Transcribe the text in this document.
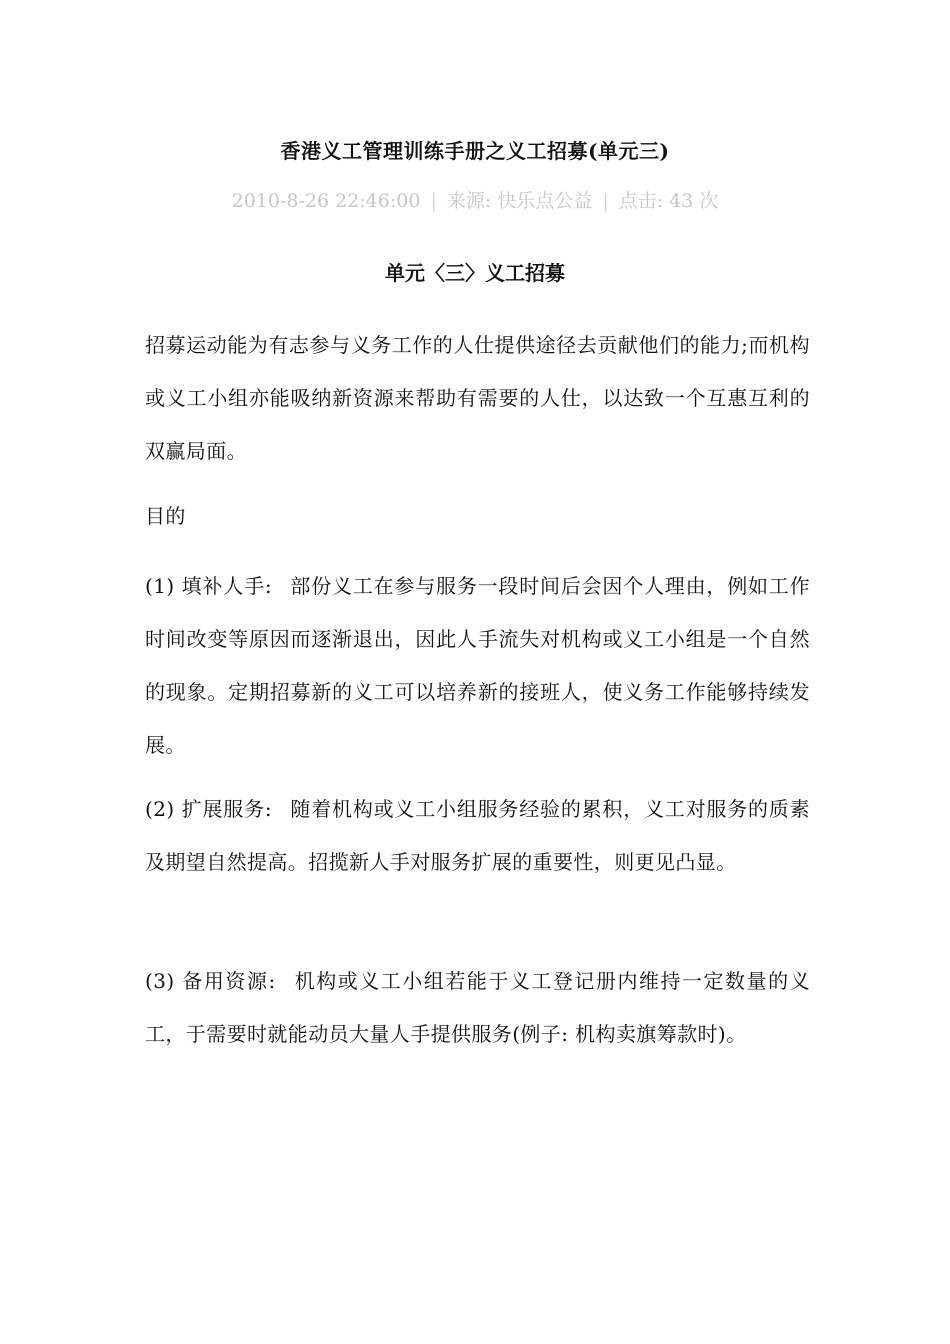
香港义工管理训练手册之义工招募(单元三)
2010-8-26 22:46:00 | 来源: 快乐点公益 | 点击: 43 次
单元〈三〉义工招募

招募运动能为有志参与义务工作的人仕提供途径去贡献他们的能力;而机构或义工小组亦能吸纳新资源来帮助有需要的人仕，以达致一个互惠互利的双赢局面。

目的

(1) 填补人手: 部份义工在参与服务一段时间后会因个人理由，例如工作时间改变等原因而逐渐退出，因此人手流失对机构或义工小组是一个自然的现象。定期招募新的义工可以培养新的接班人，使义务工作能够持续发展。

(2) 扩展服务: 随着机构或义工小组服务经验的累积，义工对服务的质素及期望自然提高。招揽新人手对服务扩展的重要性，则更见凸显。

(3) 备用资源: 机构或义工小组若能于义工登记册内维持一定数量的义工，于需要时就能动员大量人手提供服务(例子: 机构卖旗筹款时)。
